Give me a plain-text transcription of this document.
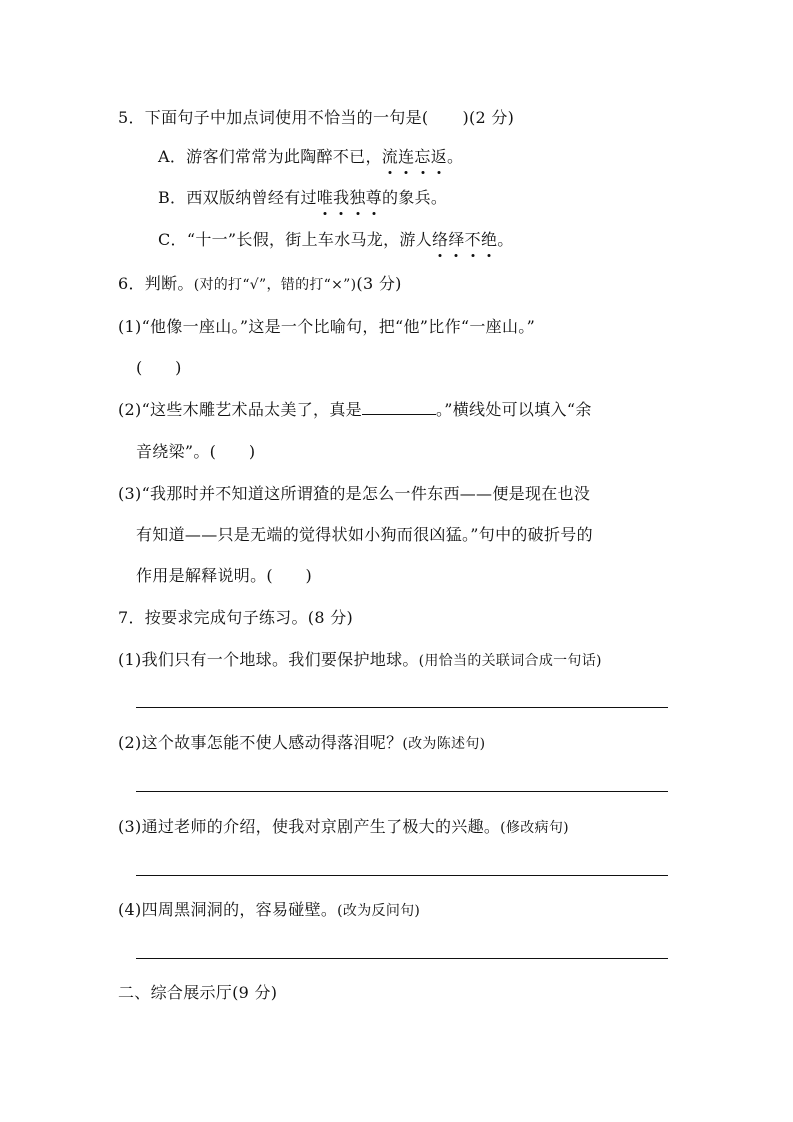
5．下面句子中加点词使用不恰当的一句是( )(2 分)
A．游客们常常为此陶醉不已，流连忘返。
B．西双版纳曾经有过唯我独尊的象兵。
C．“十一”长假，街上车水马龙，游人络绎不绝。
6．判断。(对的打“√”，错的打“×”)(3 分)
(1)“他像一座山。”这是一个比喻句，把“他”比作“一座山。”
(　　)
(2)“这些木雕艺术品太美了，真是	。”横线处可以填入“余
音绕梁”。(　　)
(3)“我那时并不知道这所谓猹的是怎么一件东西——便是现在也没
有知道——只是无端的觉得状如小狗而很凶猛。”句中的破折号的
作用是解释说明。(　　)
7．按要求完成句子练习。(8 分)
(1)我们只有一个地球。我们要保护地球。(用恰当的关联词合成一句话)
(2)这个故事怎能不使人感动得落泪呢？(改为陈述句)
(3)通过老师的介绍，使我对京剧产生了极大的兴趣。(修改病句)
(4)四周黑洞洞的，容易碰壁。(改为反问句)
二、综合展示厅(9 分)
